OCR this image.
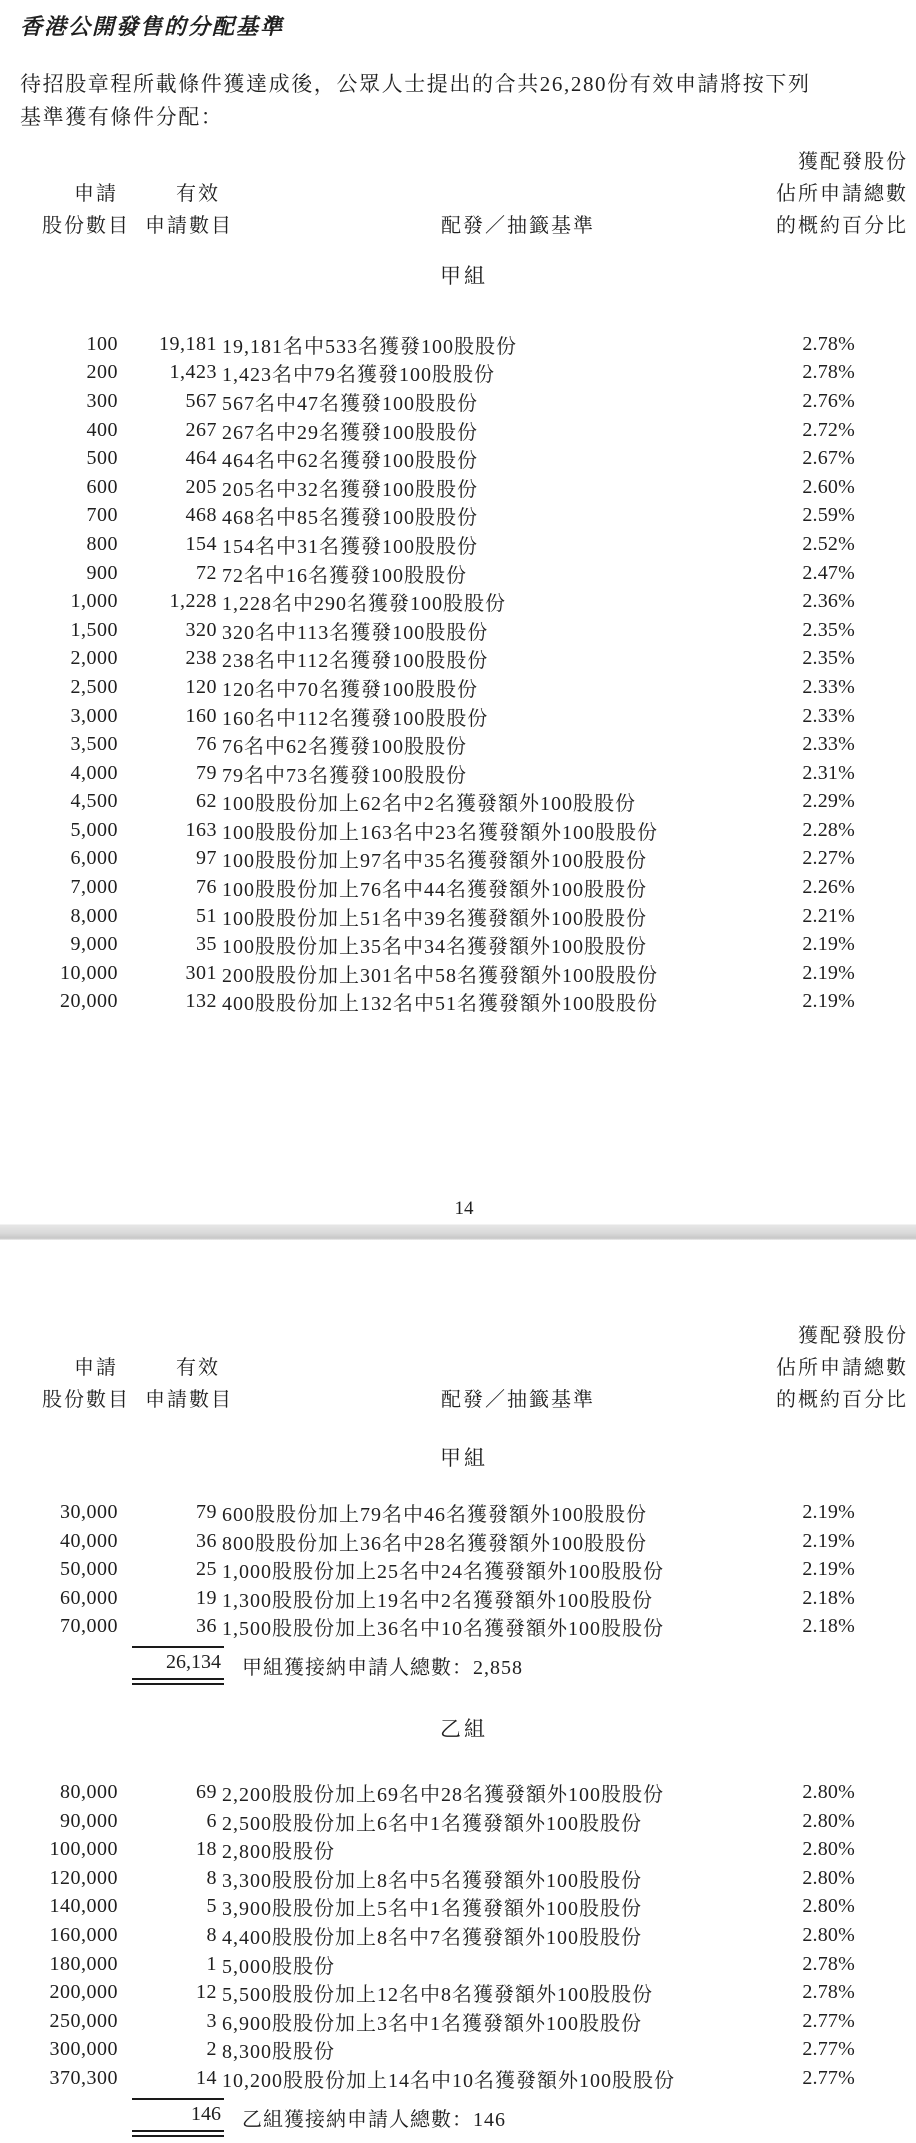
香港公開發售的分配基準
待招股章程所載條件獲達成後，公眾人士提出的合共26,280份有效申請將按下列
基準獲有條件分配：
申請
股份數目
有效
申請數目	配發／抽籤基準
獲配發股份
佔所申請總數
的概約百分比
甲組
100	19,181 19,181名中533名獲發100股股份	2.78%
200	1,423 1,423名中79名獲發100股股份	2.78%
300	567 567名中47名獲發100股股份	2.76%
400	267 267名中29名獲發100股股份	2.72%
500	464 464名中62名獲發100股股份	2.67%
600	205 205名中32名獲發100股股份	2.60%
700	468 468名中85名獲發100股股份	2.59%
800	154 154名中31名獲發100股股份	2.52%
900	72 72名中16名獲發100股股份	2.47%
1,000	1,228 1,228名中290名獲發100股股份	2.36%
1,500	320 320名中113名獲發100股股份	2.35%
2,000	238 238名中112名獲發100股股份	2.35%
2,500	120 120名中70名獲發100股股份	2.33%
3,000	160 160名中112名獲發100股股份	2.33%
3,500	76 76名中62名獲發100股股份	2.33%
4,000	79 79名中73名獲發100股股份	2.31%
4,500	62 100股股份加上62名中2名獲發額外100股股份	2.29%
5,000	163 100股股份加上163名中23名獲發額外100股股份	2.28%
6,000	97 100股股份加上97名中35名獲發額外100股股份	2.27%
7,000	76 100股股份加上76名中44名獲發額外100股股份	2.26%
8,000	51 100股股份加上51名中39名獲發額外100股股份	2.21%
9,000	35 100股股份加上35名中34名獲發額外100股股份	2.19%
10,000	301 200股股份加上301名中58名獲發額外100股股份	2.19%
20,000	132 400股股份加上132名中51名獲發額外100股股份	2.19%
14
申請
股份數目
有效
申請數目	配發／抽籤基準
獲配發股份
佔所申請總數
的概約百分比
甲組
30,000	79 600股股份加上79名中46名獲發額外100股股份	2.19%
40,000	36 800股股份加上36名中28名獲發額外100股股份	2.19%
50,000	25 1,000股股份加上25名中24名獲發額外100股股份	2.19%
60,000	19 1,300股股份加上19名中2名獲發額外100股股份	2.18%
70,000	36 1,500股股份加上36名中10名獲發額外100股股份	2.18%
26,134 甲組獲接納申請人總數：2,858
乙組
80,000	69 2,200股股份加上69名中28名獲發額外100股股份	2.80%
90,000	6 2,500股股份加上6名中1名獲發額外100股股份	2.80%
100,000	18 2,800股股份	2.80%
120,000	8 3,300股股份加上8名中5名獲發額外100股股份	2.80%
140,000	5 3,900股股份加上5名中1名獲發額外100股股份	2.80%
160,000	8 4,400股股份加上8名中7名獲發額外100股股份	2.80%
180,000	1 5,000股股份	2.78%
200,000	12 5,500股股份加上12名中8名獲發額外100股股份	2.78%
250,000	3 6,900股股份加上3名中1名獲發額外100股股份	2.77%
300,000	2 8,300股股份	2.77%
370,300	14 10,200股股份加上14名中10名獲發額外100股股份	2.77%
146 乙組獲接納申請人總數：146
